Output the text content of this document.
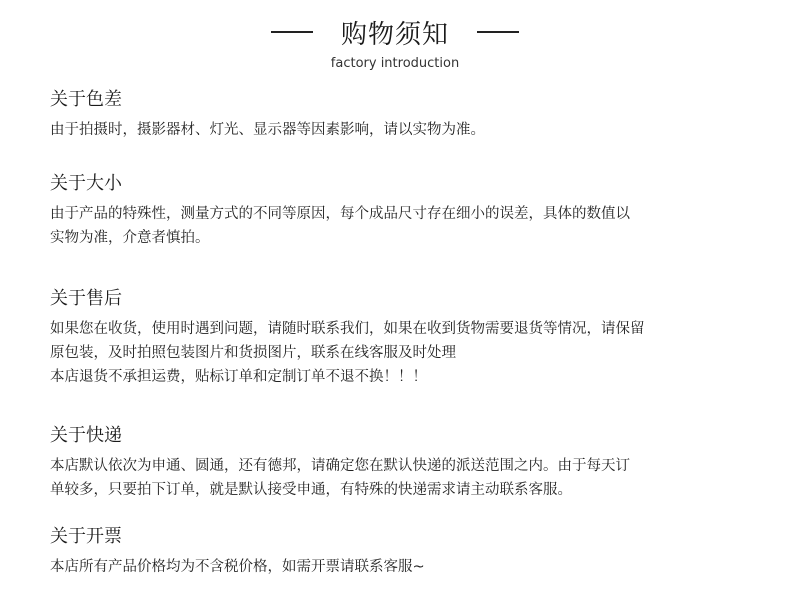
购物须知
factory introduction
关于色差

由于拍摄时，摄影器材、灯光、显示器等因素影响，请以实物为准。

关于大小

由于产品的特殊性，测量方式的不同等原因，每个成品尺寸存在细小的误差，具体的数值以

实物为准，介意者慎拍。

关于售后

如果您在收货，使用时遇到问题，请随时联系我们，如果在收到货物需要退货等情况，请保留

原包装，及时拍照包装图片和货损图片，联系在线客服及时处理

本店退货不承担运费，贴标订单和定制订单不退不换！！！

关于快递

本店默认依次为申通、圆通，还有德邦，请确定您在默认快递的派送范围之内。由于每天订

单较多，只要拍下订单，就是默认接受申通，有特殊的快递需求请主动联系客服。

关于开票

本店所有产品价格均为不含税价格，如需开票请联系客服~
